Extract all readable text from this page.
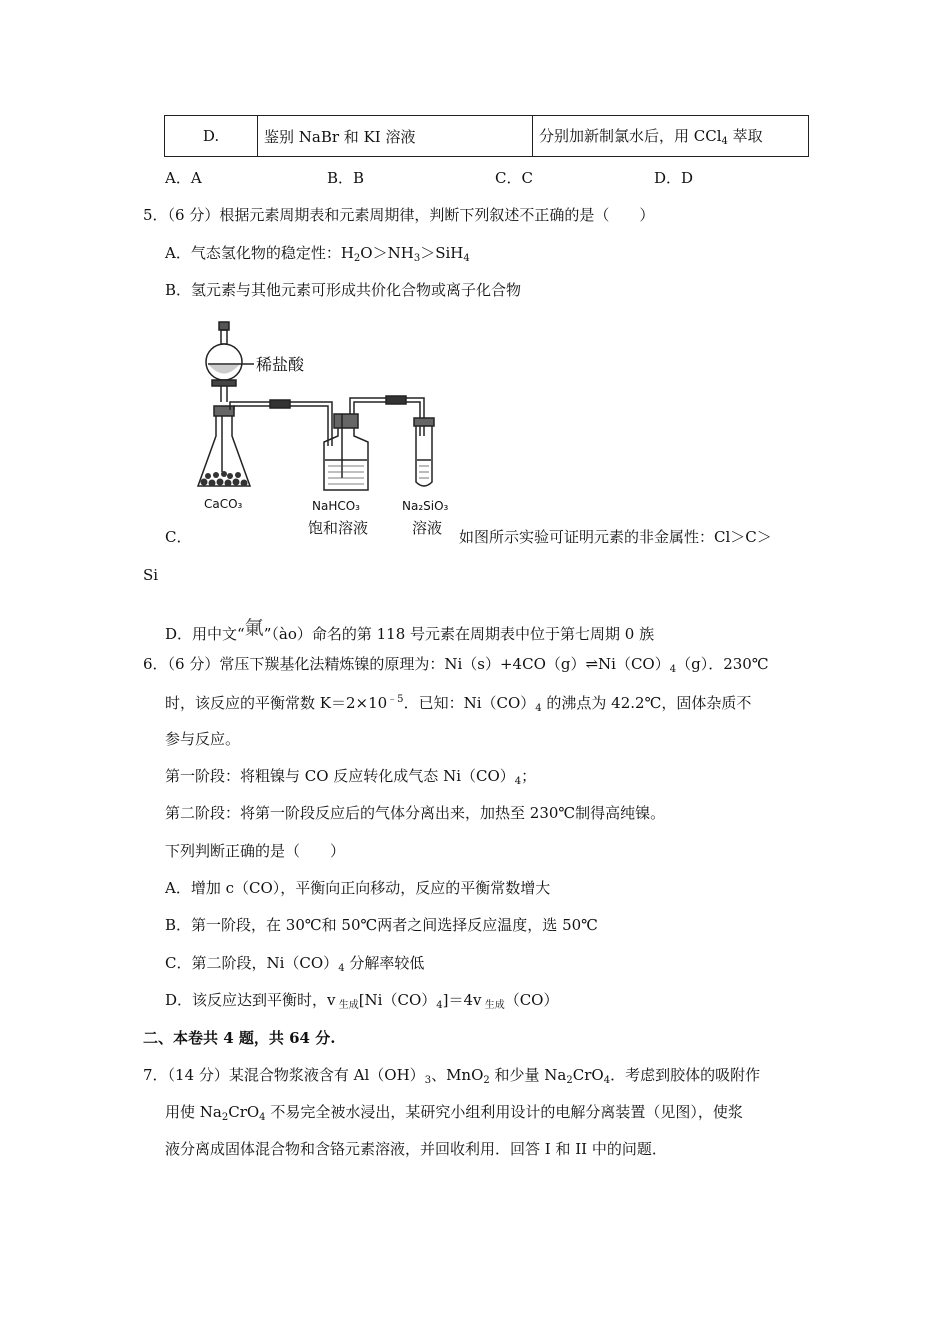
D.	鉴别 NaBr 和 KI 溶液	分别加新制氯水后，用 CCl$_4$ 萃取
A．A	B．B	C．C	D．D
5．（6 分）根据元素周期表和元素周期律，判断下列叙述不正确的是（　　）
A．气态氢化物的稳定性：$H_2O>NH_3>SiH_4$
B．氢元素与其他元素可形成共价化合物或离子化合物
稀盐酸
CaCO₃	NaHCO₃
饱和溶液
Na₂SiO₃
溶液
C．	如图所示实验可证明元素的非金属性：Cl＞C＞
Si
D．用中文“氭”（ào）命名的第 118 号元素在周期表中位于第七周期 0 族
6．（6 分）常压下羰基化法精炼镍的原理为：$Ni(s)+4CO(g)\rightleftharpoons Ni(CO)_4(g)$．230℃
时，该反应的平衡常数 $K=2\times 10^{﹣5}$．已知：$Ni(CO)_4$ 的沸点为 42.2℃，固体杂质不
参与反应。
第一阶段：将粗镍与 CO 反应转化成气态 $Ni(CO)_4$；
第二阶段：将第一阶段反应后的气体分离出来，加热至 230℃制得高纯镍。
下列判断正确的是（　　）
A．增加 c（CO），平衡向正向移动，反应的平衡常数增大
B．第一阶段，在 30℃和 50℃两者之间选择反应温度，选 50℃
C．第二阶段，$Ni(CO)_4$ 分解率较低
D．该反应达到平衡时，v $_{生成}[Ni(CO)_4]=4v$ $_{生成}$（CO）
二、本卷共 4 题，共 64 分.
7．（14 分）某混合物浆液含有 $Al(OH)_3$、MnO$_2$ 和少量 $Na_2CrO_4$．考虑到胶体的吸附作
用使 $Na_2CrO_4$ 不易完全被水浸出，某研究小组利用设计的电解分离装置（见图），使浆
液分离成固体混合物和含铬元素溶液，并回收利用．回答 I 和 II 中的问题．
